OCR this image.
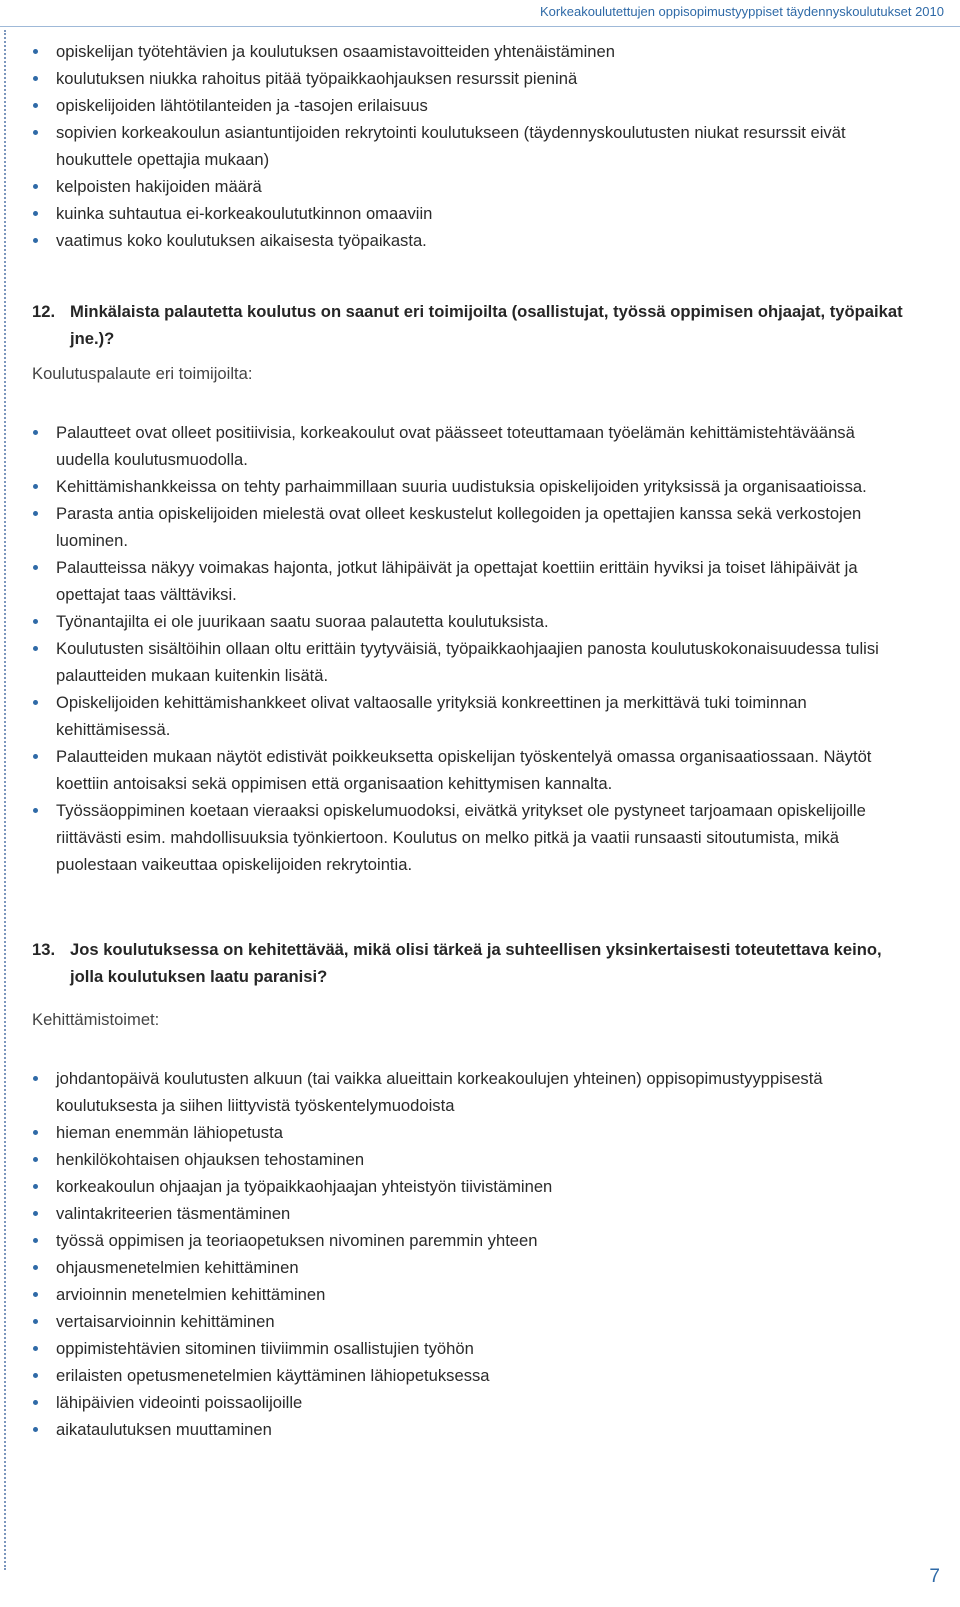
Korkeakoulutettujen oppisopimustyyppiset täydennyskoulutukset 2010
opiskelijan työtehtävien ja koulutuksen osaamistavoitteiden yhtenäistäminen
koulutuksen niukka rahoitus pitää työpaikkaohjauksen resurssit pieninä
opiskelijoiden lähtötilanteiden ja -tasojen erilaisuus
sopivien korkeakoulun asiantuntijoiden rekrytointi koulutukseen (täydennyskoulutusten niukat resurssit eivät houkuttele opettajia mukaan)
kelpoisten hakijoiden määrä
kuinka suhtautua ei-korkeakoulututkinnon omaaviin
vaatimus koko koulutuksen aikaisesta työpaikasta.
12. Minkälaista palautetta koulutus on saanut eri toimijoilta (osallistujat, työssä oppimisen ohjaajat, työpaikat jne.)?
Koulutuspalaute eri toimijoilta:
Palautteet ovat olleet positiivisia, korkeakoulut ovat päässeet toteuttamaan työelämän kehittämistehtäväänsä uudella koulutusmuodolla.
Kehittämishankkeissa on tehty parhaimmillaan suuria uudistuksia opiskelijoiden yrityksissä ja organisaatioissa.
Parasta antia opiskelijoiden mielestä ovat olleet keskustelut kollegoiden ja opettajien kanssa sekä verkostojen luominen.
Palautteissa näkyy voimakas hajonta, jotkut lähipäivät ja opettajat koettiin erittäin hyviksi ja toiset lähipäivät ja opettajat taas välttäviksi.
Työnantajilta ei ole juurikaan saatu suoraa palautetta koulutuksista.
Koulutusten sisältöihin ollaan oltu erittäin tyytyväisiä, työpaikkaohjaajien panosta koulutuskokonaisuudessa tulisi palautteiden mukaan kuitenkin lisätä.
Opiskelijoiden kehittämishankkeet olivat valtaosalle yrityksiä konkreettinen ja merkittävä tuki toiminnan kehittämisessä.
Palautteiden mukaan näytöt edistivät poikkeuksetta opiskelijan työskentelyä omassa organisaatiossaan. Näytöt koettiin antoisaksi sekä oppimisen että organisaation kehittymisen kannalta.
Työssäoppiminen koetaan vieraaksi opiskelumuodoksi, eivätkä yritykset ole pystyneet tarjoamaan opiskelijoille riittävästi esim. mahdollisuuksia työnkiertoon. Koulutus on melko pitkä ja vaatii runsaasti sitoutumista, mikä puolestaan vaikeuttaa opiskelijoiden rekrytointia.
13. Jos koulutuksessa on kehitettävää, mikä olisi tärkeä ja suhteellisen yksinkertaisesti toteutettava keino, jolla koulutuksen laatu paranisi?
Kehittämistoimet:
johdantopäivä koulutusten alkuun (tai vaikka alueittain korkeakoulujen yhteinen) oppisopimustyyppisestä koulutuksesta ja siihen liittyvistä työskentelymuodoista
hieman enemmän lähiopetusta
henkilökohtaisen ohjauksen tehostaminen
korkeakoulun ohjaajan ja työpaikkaohjaajan yhteistyön tiivistäminen
valintakriteerien täsmentäminen
työssä oppimisen ja teoriaopetuksen nivominen paremmin yhteen
ohjausmenetelmien kehittäminen
arvioinnin menetelmien kehittäminen
vertaisarvioinnin kehittäminen
oppimistehtävien sitominen tiiviimmin osallistujien työhön
erilaisten opetusmenetelmien käyttäminen lähiopetuksessa
lähipäivien videointi poissaolijoille
aikataulutuksen muuttaminen
7
